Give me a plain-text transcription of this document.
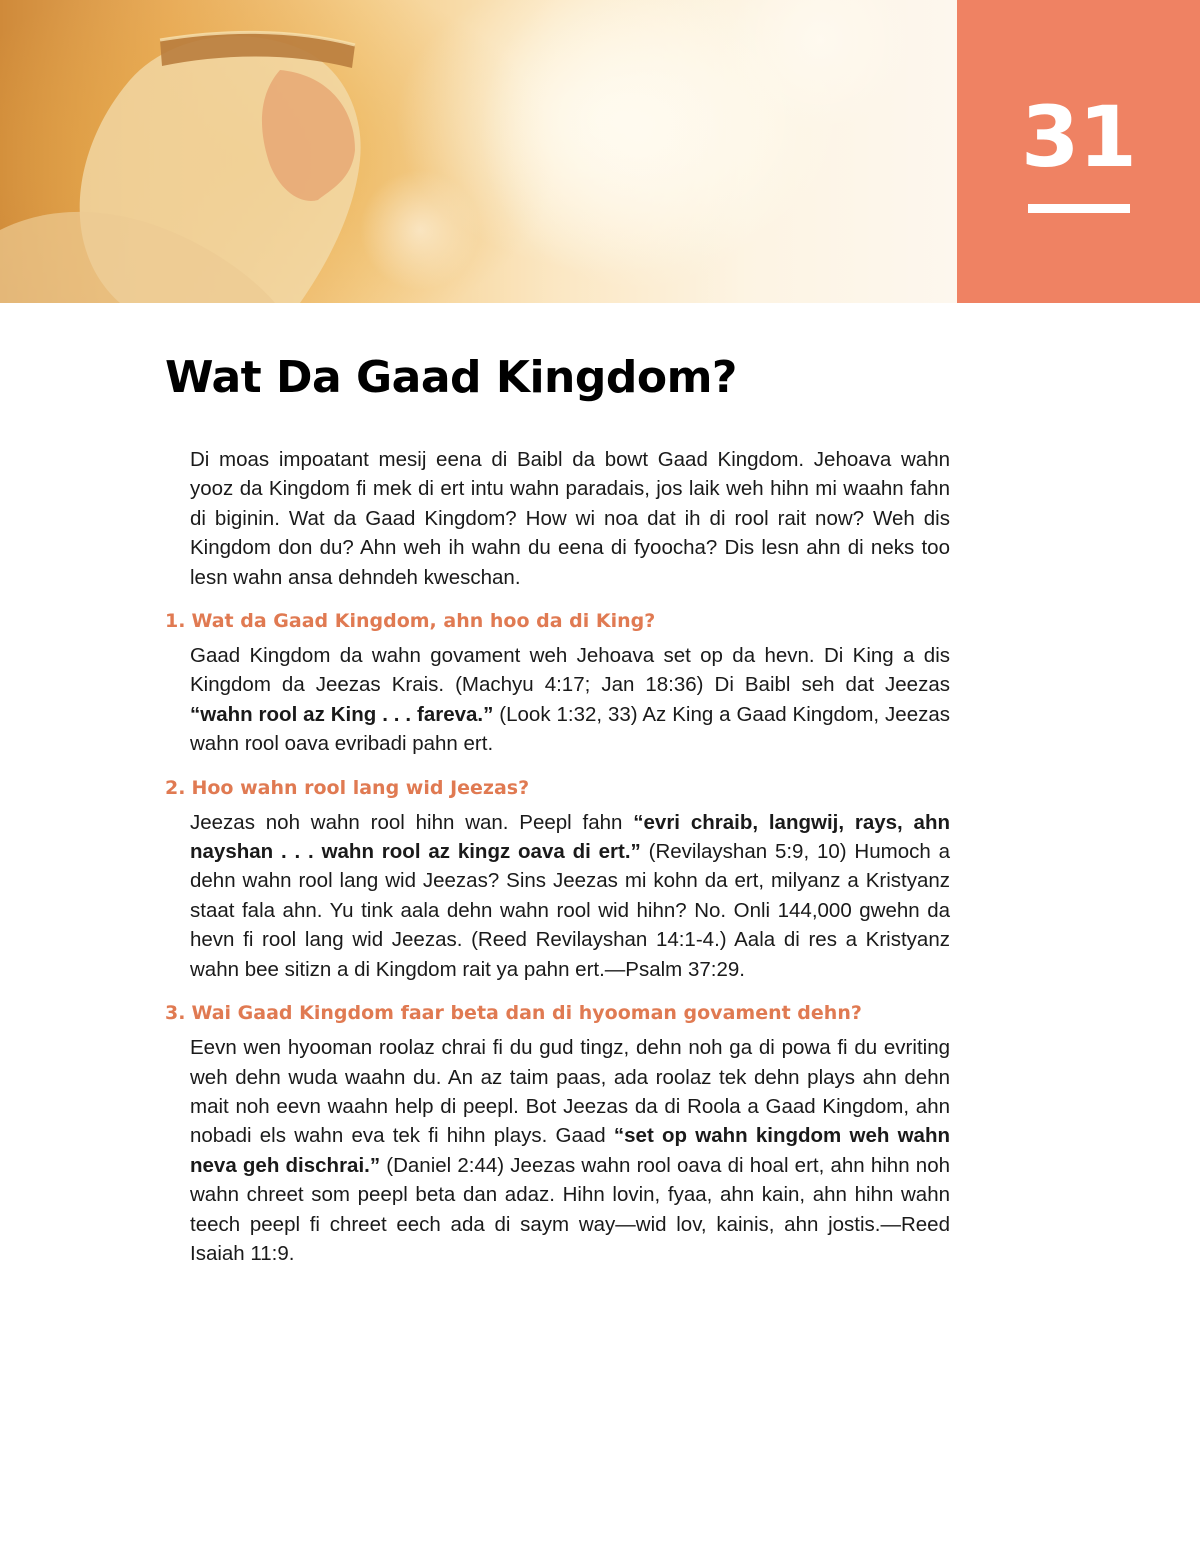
31
Wat Da Gaad Kingdom?

Di moas impoatant mesij eena di Baibl da bowt Gaad Kingdom. Jehoava wahn yooz da Kingdom fi mek di ert intu wahn paradais, jos laik weh hihn mi waahn fahn di biginin. Wat da Gaad Kingdom? How wi noa dat ih di rool rait now? Weh dis Kingdom don du? Ahn weh ih wahn du eena di fyoocha? Dis lesn ahn di neks too lesn wahn ansa dehndeh kweschan.

1. Wat da Gaad Kingdom, ahn hoo da di King?

Gaad Kingdom da wahn govament weh Jehoava set op da hevn. Di King a dis Kingdom da Jeezas Krais. (Machyu 4:17; Jan 18:36) Di Baibl seh dat Jeezas “wahn rool az King . . . fareva.” (Look 1:32, 33) Az King a Gaad Kingdom, Jeezas wahn rool oava evribadi pahn ert.

2. Hoo wahn rool lang wid Jeezas?

Jeezas noh wahn rool hihn wan. Peepl fahn “evri chraib, langwij, rays, ahn nayshan . . . wahn rool az kingz oava di ert.” (Revilayshan 5:9, 10) Humoch a dehn wahn rool lang wid Jeezas? Sins Jeezas mi kohn da ert, milyanz a Kristyanz staat fala ahn. Yu tink aala dehn wahn rool wid hihn? No. Onli 144,000 gwehn da hevn fi rool lang wid Jeezas. (Reed Revilayshan 14:1-4.) Aala di res a Kristyanz wahn bee sitizn a di Kingdom rait ya pahn ert.—Psalm 37:29.

3. Wai Gaad Kingdom faar beta dan di hyooman govament dehn?

Eevn wen hyooman roolaz chrai fi du gud tingz, dehn noh ga di powa fi du evriting weh dehn wuda waahn du. An az taim paas, ada roolaz tek dehn plays ahn dehn mait noh eevn waahn help di peepl. Bot Jeezas da di Roola a Gaad Kingdom, ahn nobadi els wahn eva tek fi hihn plays. Gaad “set op wahn kingdom weh wahn neva geh dischrai.” (Daniel 2:44) Jeezas wahn rool oava di hoal ert, ahn hihn noh wahn chreet som peepl beta dan adaz. Hihn lovin, fyaa, ahn kain, ahn hihn wahn teech peepl fi chreet eech ada di saym way—wid lov, kainis, ahn jostis.—Reed Isaiah 11:9.
